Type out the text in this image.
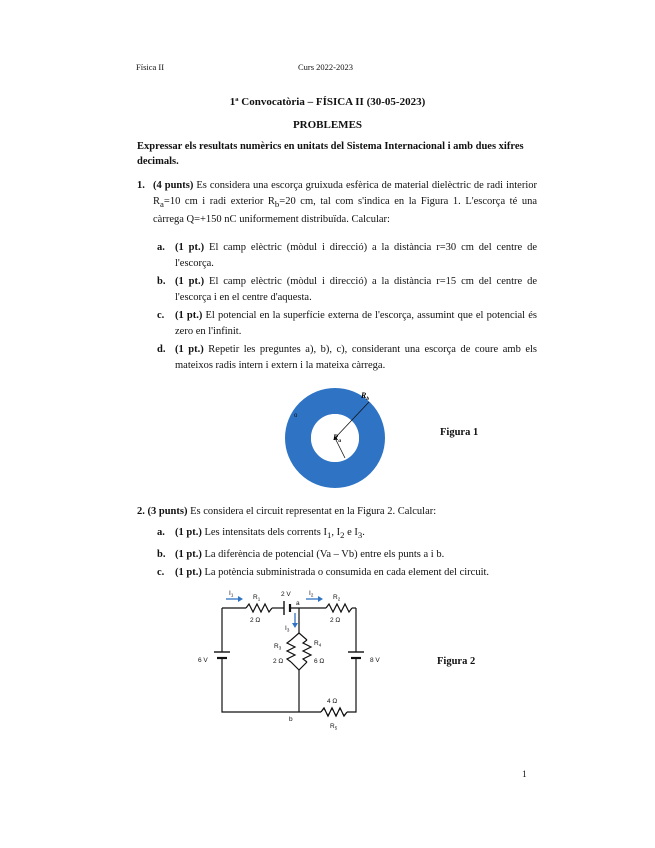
Física II	Curs 2022-2023
1ª Convocatòria – FÍSICA II (30-05-2023)
PROBLEMES
Expressar els resultats numèrics en unitats del Sistema Internacional i amb dues xifres decimals.
1. (4 punts) Es considera una escorça gruixuda esfèrica de material dielèctric de radi interior $R_a=10$ cm i radi exterior $R_b=20$ cm, tal com s'indica en la Figura 1. L'escorça té una càrrega Q=+150 nC uniformement distribuïda. Calcular:
a. (1 pt.) El camp elèctric (mòdul i direcció) a la distància r=30 cm del centre de l'escorça.
b. (1 pt.) El camp elèctric (mòdul i direcció) a la distància r=15 cm del centre de l'escorça i en el centre d'aquesta.
c. (1 pt.) El potencial en la superfície externa de l'escorça, assumint que el potencial és zero en l'infinit.
d. (1 pt.) Repetir les preguntes a), b), c), considerant una escorça de coure amb els mateixos radis intern i extern i la mateixa càrrega.
$R_b$
$R_a$
o
Figura 1
2. (3 punts) Es considera el circuit representat en la Figura 2. Calcular:
a. (1 pt.) Les intensitats dels corrents $I_1$, $I_2$ e $I_3$.
b. (1 pt.) La diferència de potencial (Va – Vb) entre els punts a i b.
c. (1 pt.) La potència subministrada o consumida en cada element del circuit.
$I_1$	$R_1$
2 Ω
2 V
a
$I_2$	$R_2$
2 Ω
$I_3$
$R_3$
2 Ω
$R_4$
6 Ω
6 V	8 V
4 Ω
b
$R_5$
Figura 2
1
